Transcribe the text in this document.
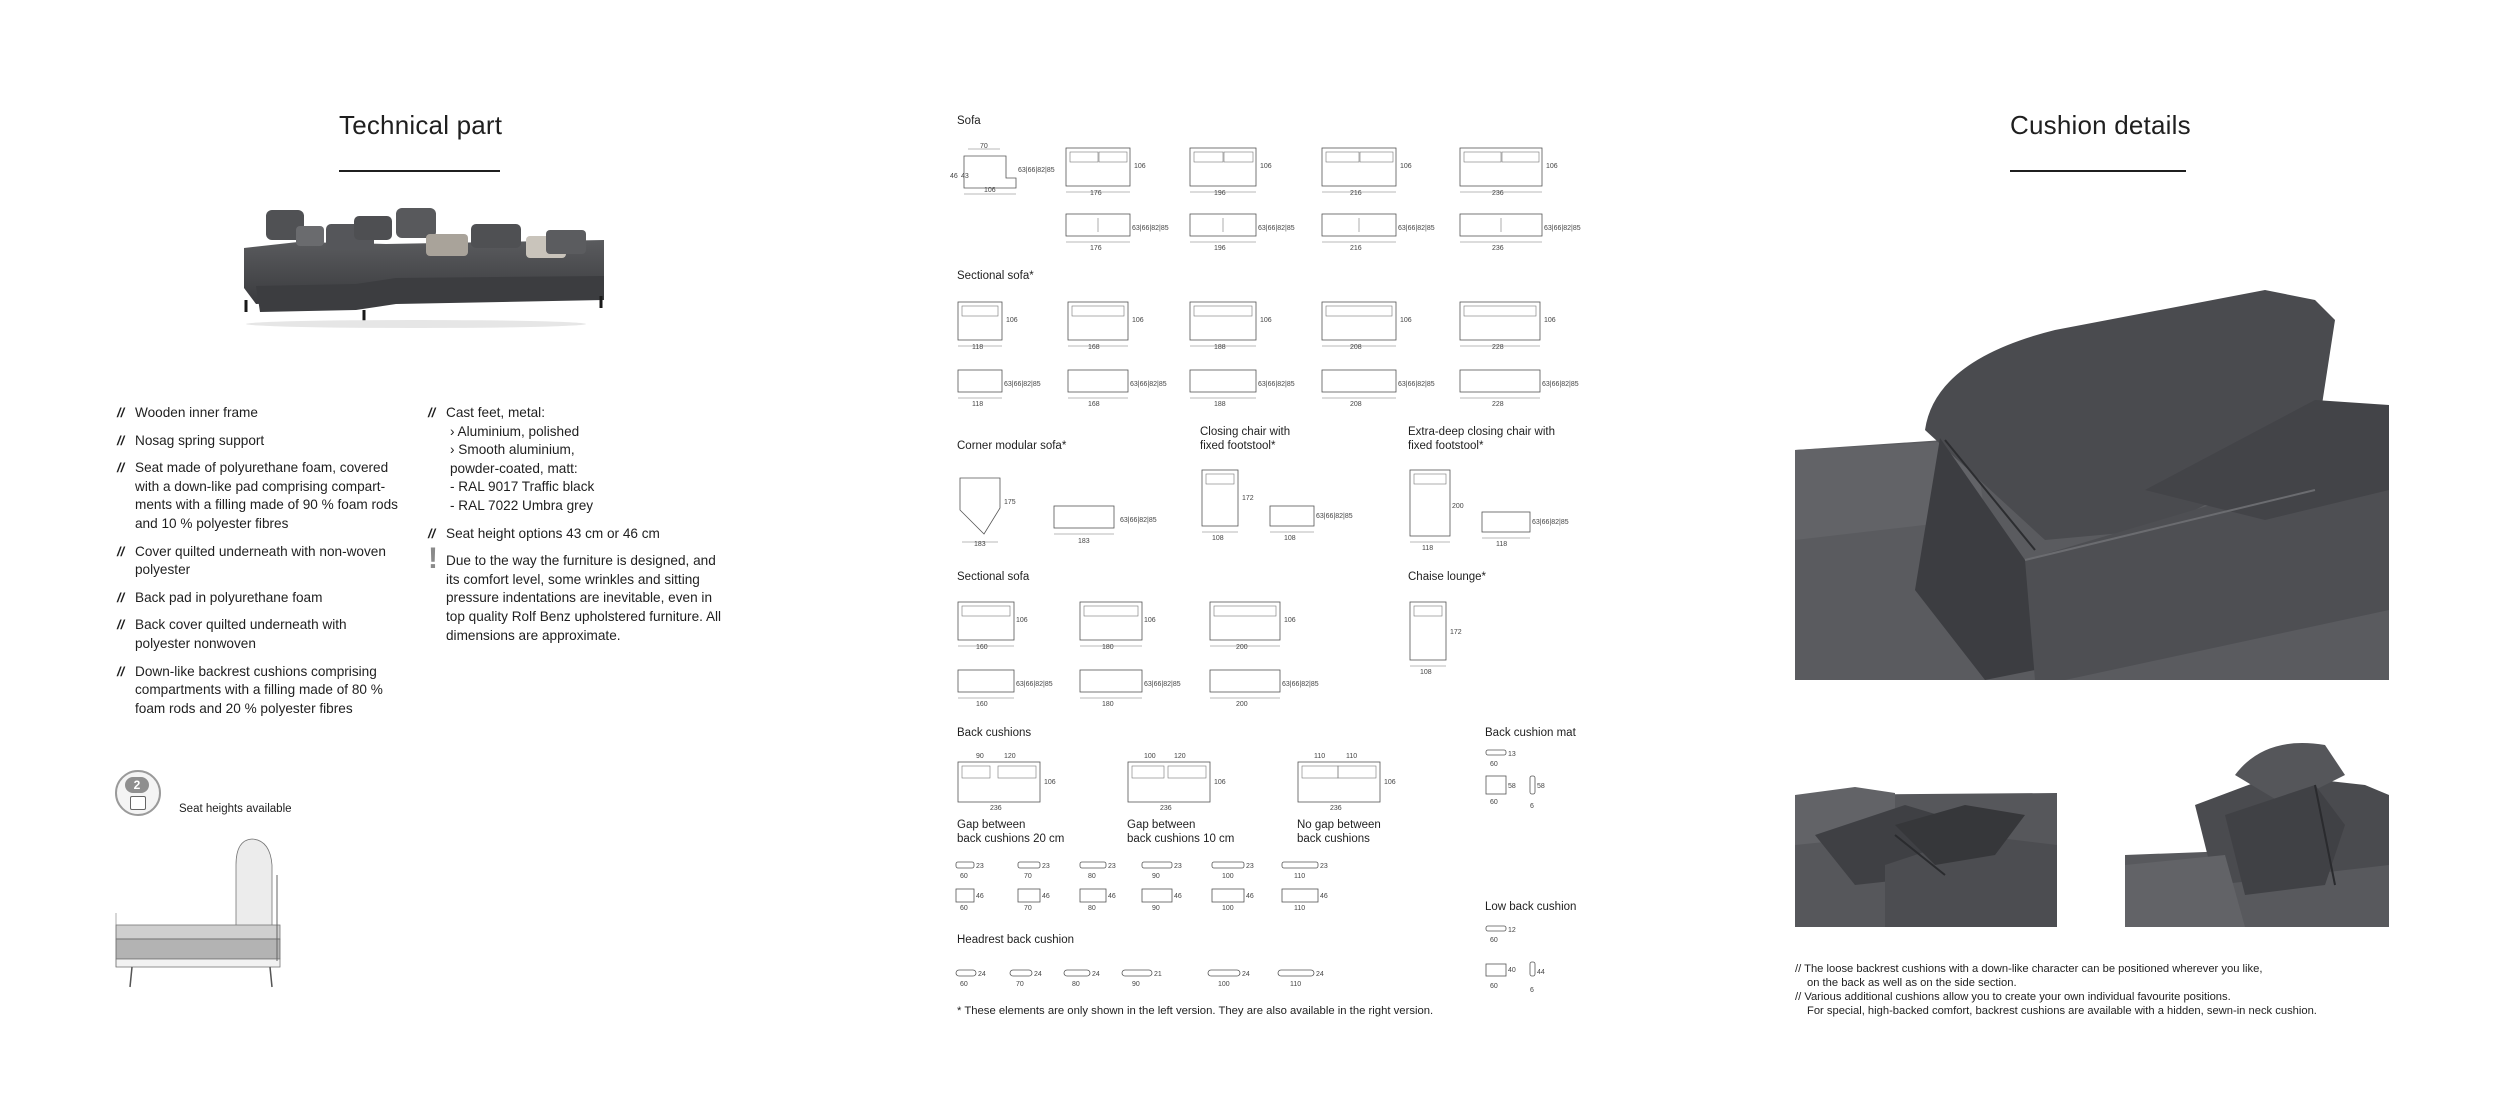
Technical part
// Wooden inner frame
// Nosag spring support
// Seat made of polyurethane foam, covered with a down-like pad comprising compartments with a filling made of 90 % foam rods and 10 % polyester fibres
// Cover quilted underneath with non-woven polyester
// Back pad in polyurethane foam
// Back cover quilted underneath with polyester nonwoven
// Down-like backrest cushions comprising compartments with a filling made of 80 % foam rods and 20 % polyester fibres
// Cast feet, metal:
› Aluminium, polished
› Smooth aluminium,
powder-coated, matt:
- RAL 9017 Traffic black
- RAL 7022 Umbra grey
// Seat height options 43 cm or 46 cm
! Due to the way the furniture is designed, and its comfort level, some wrinkles and sitting pressure indentations are inevitable, even in top quality Rolf Benz upholstered furniture. All dimensions are approximate.
2
Seat heights available
Sofa
70
46 43
106
63|66|82|85
176
106
196
106
216
106
236
106
176
63|66|82|85
196
63|66|82|85
216
63|66|82|85
236
63|66|82|85
Sectional sofa*
118
106
168
106
188
106
208
106
228
106
118
63|66|82|85
168
63|66|82|85
188
63|66|82|85
208
63|66|82|85
228
63|66|82|85
Corner modular sofa*
183
175
183
63|66|82|85
Closing chair with
fixed footstool*
172
108	108
63|66|82|85
Extra-deep closing chair with
fixed footstool*
200
118
118
63|66|82|85
Sectional sofa
160
106
180
106
200
106
160
63|66|82|85
180
63|66|82|85
200
63|66|82|85
Chaise lounge*
172
108
Back cushions
90	120
236
106
100	120
236
106
110	110
236
106
Gap between
back cushions 20 cm
Gap between
back cushions 10 cm
No gap between
back cushions
23
60
23
70
23
80
23
90
23
100
23
110
46
60
46
70
46
80
46
90
46
100
46
110
Headrest back cushion
24
60
24
70
24
80
21
90
24
100
24
110
Back cushion mat
13
60
58
60
58
6
Low back cushion
12
60
40
60
44
6
* These elements are only shown in the left version. They are also available in the right version.
Cushion details
// The loose backrest cushions with a down-like character can be positioned wherever you like,
on the back as well as on the side section.
// Various additional cushions allow you to create your own individual favourite positions.
For special, high-backed comfort, backrest cushions are available with a hidden, sewn-in neck cushion.
